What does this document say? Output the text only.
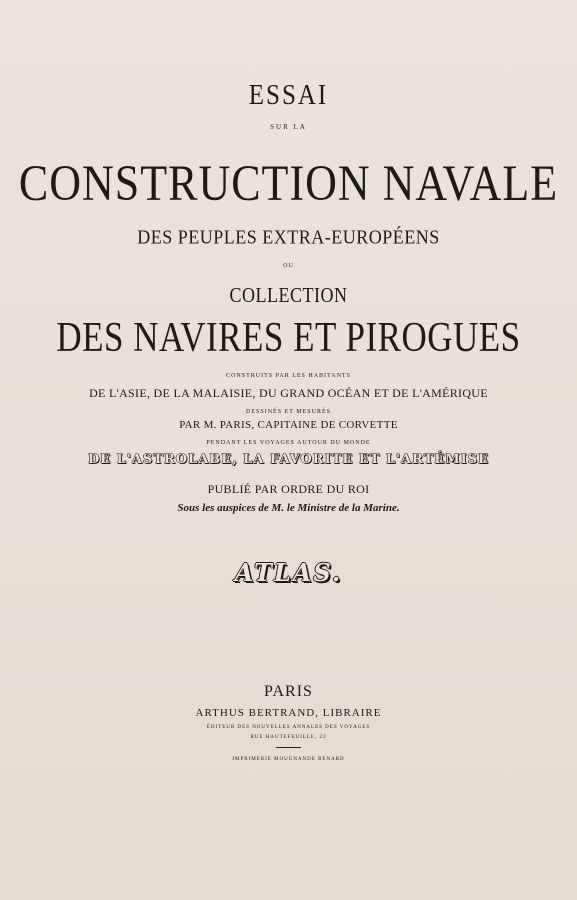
ESSAI
SUR LA
CONSTRUCTION NAVALE
DES PEUPLES EXTRA-EUROPÉENS
OU
COLLECTION
DES NAVIRES ET PIROGUES
CONSTRUITS PAR LES HABITANTS
DE L'ASIE, DE LA MALAISIE, DU GRAND OCÉAN ET DE L'AMÉRIQUE
DESSINÉS ET MESURÉS
PAR M. PARIS, CAPITAINE DE CORVETTE
PENDANT LES VOYAGES AUTOUR DU MONDE
DE L'ASTROLABE, LA FAVORITE ET L'ARTÉMISE
PUBLIÉ PAR ORDRE DU ROI
Sous les auspices de M. le Ministre de la Marine.
ATLAS.
PARIS
ARTHUS BERTRAND, LIBRAIRE
ÉDITEUR DES NOUVELLES ANNALES DES VOYAGES
RUE HAUTEFEUILLE, 23
IMPRIMERIE MOUGNANDE RENARD
